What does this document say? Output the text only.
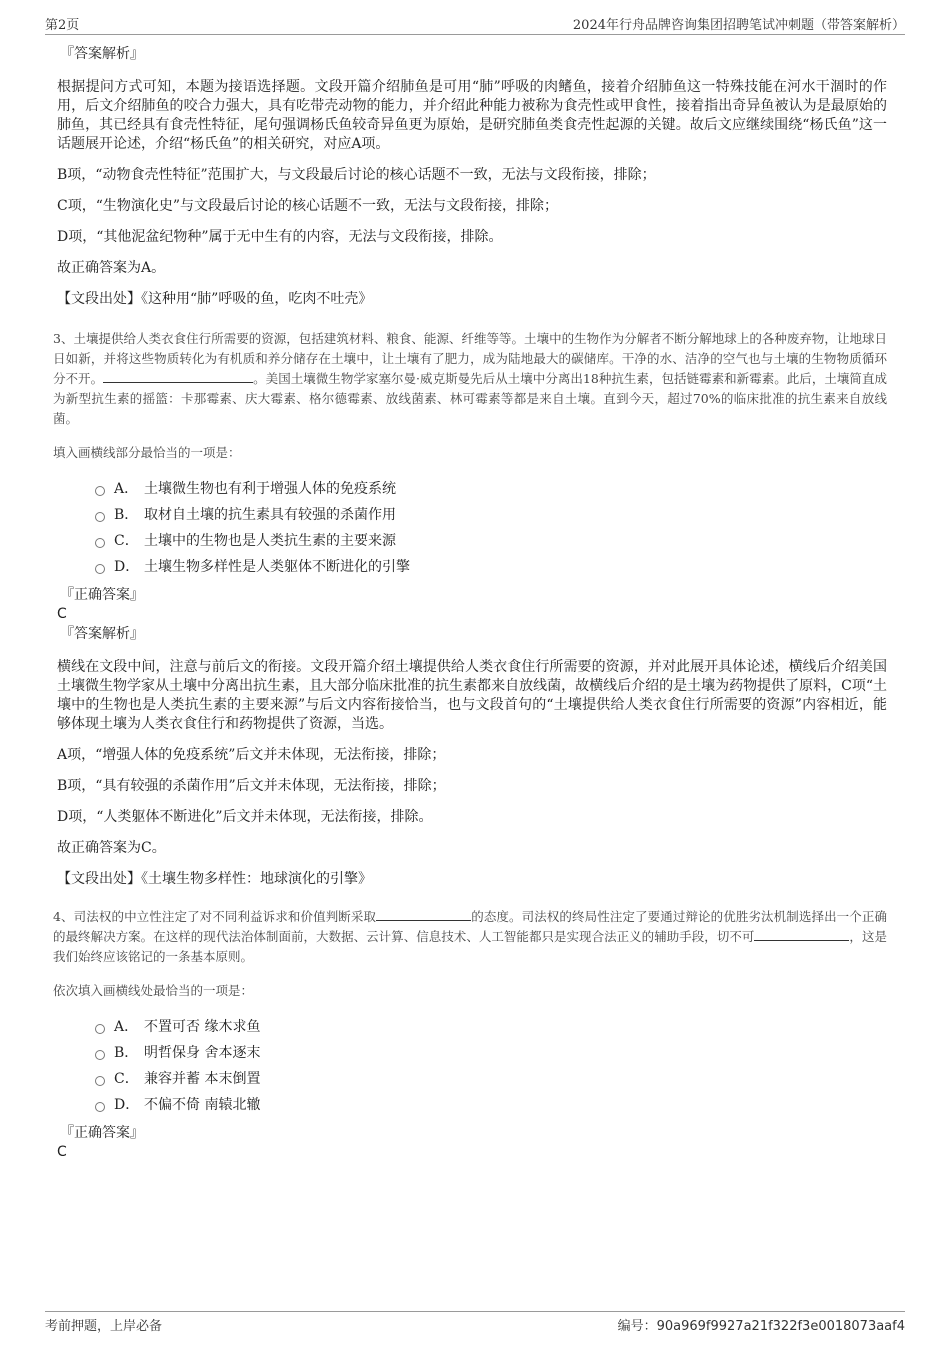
第2页	2024年行舟品牌咨询集团招聘笔试冲刺题（带答案解析）

『答案解析』

根据提问方式可知，本题为接语选择题。文段开篇介绍肺鱼是可用“肺”呼吸的肉鳍鱼，接着介绍肺鱼这一特殊技能在河水干涸时的作用，后文介绍肺鱼的咬合力强大，具有吃带壳动物的能力，并介绍此种能力被称为食壳性或甲食性，接着指出奇异鱼被认为是最原始的肺鱼，其已经具有食壳性特征，尾句强调杨氏鱼较奇异鱼更为原始，是研究肺鱼类食壳性起源的关键。故后文应继续围绕“杨氏鱼”这一话题展开论述，介绍“杨氏鱼”的相关研究，对应A项。

B项，“动物食壳性特征”范围扩大，与文段最后讨论的核心话题不一致，无法与文段衔接，排除；

C项，“生物演化史”与文段最后讨论的核心话题不一致，无法与文段衔接，排除；

D项，“其他泥盆纪物种”属于无中生有的内容，无法与文段衔接，排除。

故正确答案为A。

【文段出处】《这种用“肺”呼吸的鱼，吃肉不吐壳》

3、土壤提供给人类衣食住行所需要的资源，包括建筑材料、粮食、能源、纤维等等。土壤中的生物作为分解者不断分解地球上的各种废弃物，让地球日日如新，并将这些物质转化为有机质和养分储存在土壤中，让土壤有了肥力，成为陆地最大的碳储库。干净的水、洁净的空气也与土壤的生物物质循环分不开。	。美国土壤微生物学家塞尔曼·威克斯曼先后从土壤中分离出18种抗生素，包括链霉素和新霉素。此后，土壤简直成为新型抗生素的摇篮：卡那霉素、庆大霉素、格尔德霉素、放线菌素、林可霉素等都是来自土壤。直到今天，超过70%的临床批准的抗生素来自放线菌。

填入画横线部分最恰当的一项是：

A． 土壤微生物也有利于增强人体的免疫系统
B． 取材自土壤的抗生素具有较强的杀菌作用
C． 土壤中的生物也是人类抗生素的主要来源
D． 土壤生物多样性是人类躯体不断进化的引擎

『正确答案』

C

『答案解析』

横线在文段中间，注意与前后文的衔接。文段开篇介绍土壤提供给人类衣食住行所需要的资源，并对此展开具体论述，横线后介绍美国土壤微生物学家从土壤中分离出抗生素，且大部分临床批准的抗生素都来自放线菌，故横线后介绍的是土壤为药物提供了原料，C项“土壤中的生物也是人类抗生素的主要来源”与后文内容衔接恰当，也与文段首句的“土壤提供给人类衣食住行所需要的资源”内容相近，能够体现土壤为人类衣食住行和药物提供了资源，当选。

A项，“增强人体的免疫系统”后文并未体现，无法衔接，排除；

B项，“具有较强的杀菌作用”后文并未体现，无法衔接，排除；

D项，“人类躯体不断进化”后文并未体现，无法衔接，排除。

故正确答案为C。

【文段出处】《土壤生物多样性：地球演化的引擎》

4、司法权的中立性注定了对不同利益诉求和价值判断采取	的态度。司法权的终局性注定了要通过辩论的优胜劣汰机制选择出一个正确的最终解决方案。在这样的现代法治体制面前，大数据、云计算、信息技术、人工智能都只是实现合法正义的辅助手段，切不可	，这是我们始终应该铭记的一条基本原则。

依次填入画横线处最恰当的一项是：

A． 不置可否 缘木求鱼
B． 明哲保身 舍本逐末
C． 兼容并蓄 本末倒置
D． 不偏不倚 南辕北辙

『正确答案』

C

考前押题，上岸必备	编号：90a969f9927a21f322f3e0018073aaf4
